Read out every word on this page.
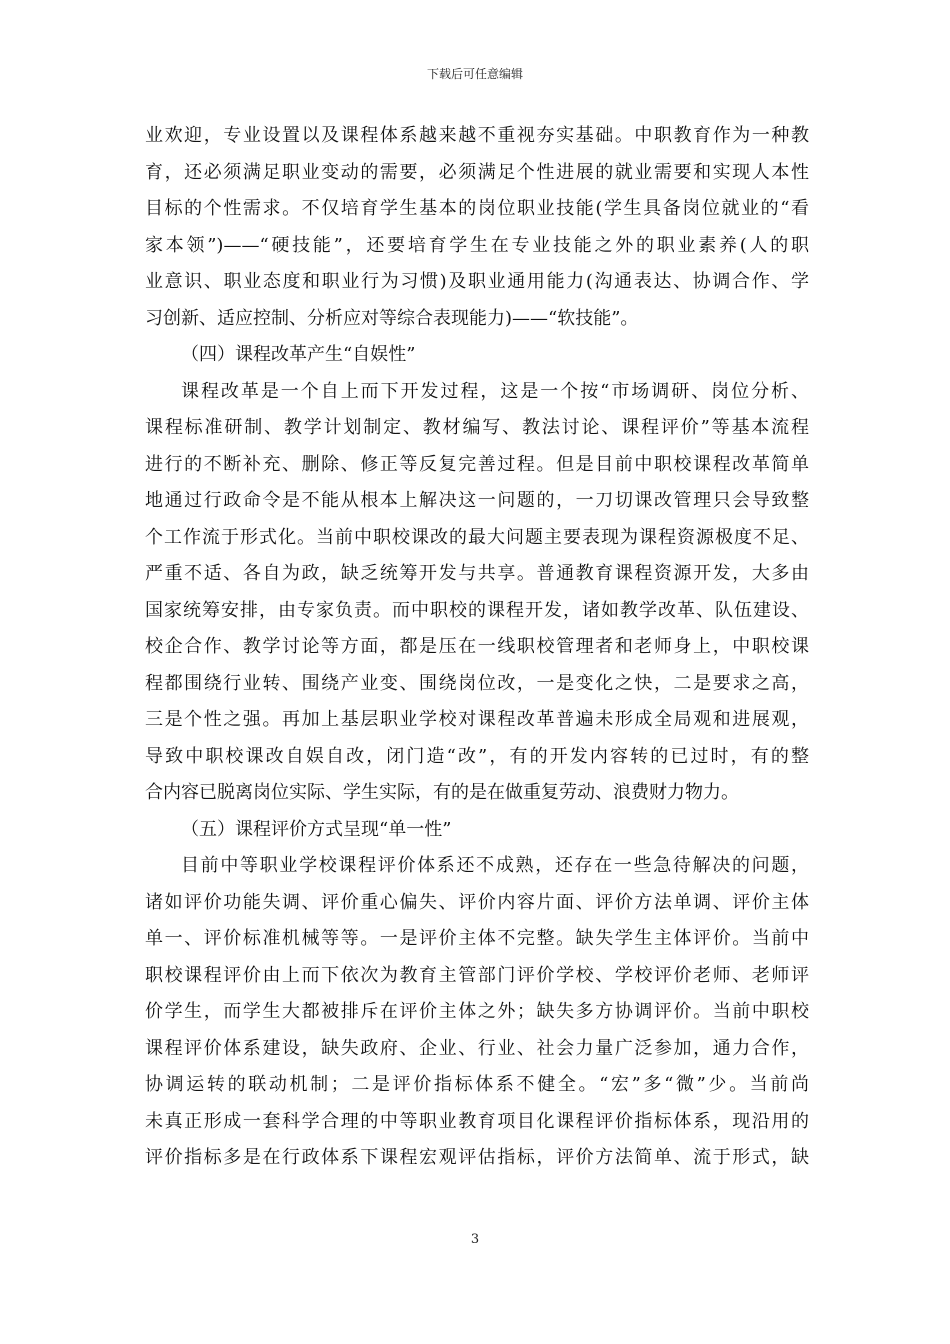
下载后可任意编辑
业欢迎，专业设置以及课程体系越来越不重视夯实基础。中职教育作为一种教
育，还必须满足职业变动的需要，必须满足个性进展的就业需要和实现人本性
目标的个性需求。不仅培育学生基本的岗位职业技能(学生具备岗位就业的“看
家本领”)——“硬技能”，还要培育学生在专业技能之外的职业素养(人的职
业意识、职业态度和职业行为习惯)及职业通用能力(沟通表达、协调合作、学
习创新、适应控制、分析应对等综合表现能力)——“软技能”。
（四）课程改革产生“自娱性”
课程改革是一个自上而下开发过程，这是一个按“市场调研、岗位分析、
课程标准研制、教学计划制定、教材编写、教法讨论、课程评价”等基本流程
进行的不断补充、删除、修正等反复完善过程。但是目前中职校课程改革简单
地通过行政命令是不能从根本上解决这一问题的，一刀切课改管理只会导致整
个工作流于形式化。当前中职校课改的最大问题主要表现为课程资源极度不足、
严重不适、各自为政，缺乏统筹开发与共享。普通教育课程资源开发，大多由
国家统筹安排，由专家负责。而中职校的课程开发，诸如教学改革、队伍建设、
校企合作、教学讨论等方面，都是压在一线职校管理者和老师身上，中职校课
程都围绕行业转、围绕产业变、围绕岗位改，一是变化之快，二是要求之高，
三是个性之强。再加上基层职业学校对课程改革普遍未形成全局观和进展观，
导致中职校课改自娱自改，闭门造“改”，有的开发内容转的已过时，有的整
合内容已脱离岗位实际、学生实际，有的是在做重复劳动、浪费财力物力。
（五）课程评价方式呈现“单一性”
目前中等职业学校课程评价体系还不成熟，还存在一些急待解决的问题，
诸如评价功能失调、评价重心偏失、评价内容片面、评价方法单调、评价主体
单一、评价标准机械等等。一是评价主体不完整。缺失学生主体评价。当前中
职校课程评价由上而下依次为教育主管部门评价学校、学校评价老师、老师评
价学生，而学生大都被排斥在评价主体之外；缺失多方协调评价。当前中职校
课程评价体系建设，缺失政府、企业、行业、社会力量广泛参加，通力合作，
协调运转的联动机制；二是评价指标体系不健全。“宏”多“微”少。当前尚
未真正形成一套科学合理的中等职业教育项目化课程评价指标体系，现沿用的
评价指标多是在行政体系下课程宏观评估指标，评价方法简单、流于形式，缺
3
